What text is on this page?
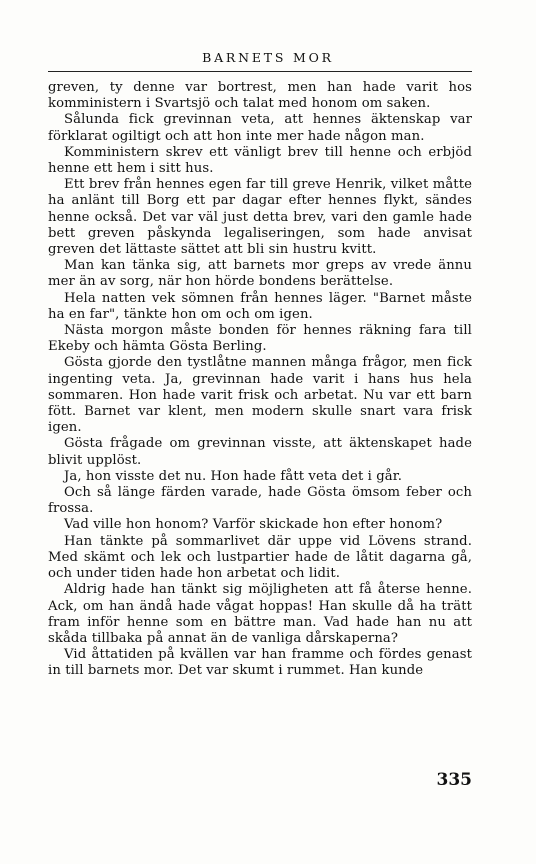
BARNETS MOR

greven, ty denne var bortrest, men han hade varit hos komministern i Svartsjö och talat med honom om saken.

Sålunda fick grevinnan veta, att hennes äktenskap var förklarat ogiltigt och att hon inte mer hade någon man.

Komministern skrev ett vänligt brev till henne och erbjöd henne ett hem i sitt hus.

Ett brev från hennes egen far till greve Henrik, vilket måtte ha anlänt till Borg ett par dagar efter hennes flykt, sändes henne också. Det var väl just detta brev, vari den gamle hade bett greven påskynda legaliseringen, som hade anvisat greven det lättaste sättet att bli sin hustru kvitt.

Man kan tänka sig, att barnets mor greps av vrede ännu mer än av sorg, när hon hörde bondens berättelse.

Hela natten vek sömnen från hennes läger. "Barnet måste ha en far", tänkte hon om och om igen.

Nästa morgon måste bonden för hennes räkning fara till Ekeby och hämta Gösta Berling.

Gösta gjorde den tystlåtne mannen många frågor, men fick ingenting veta. Ja, grevinnan hade varit i hans hus hela sommaren. Hon hade varit frisk och arbetat. Nu var ett barn fött. Barnet var klent, men modern skulle snart vara frisk igen.

Gösta frågade om grevinnan visste, att äktenskapet hade blivit upplöst.

Ja, hon visste det nu. Hon hade fått veta det i går.

Och så länge färden varade, hade Gösta ömsom feber och frossa.

Vad ville hon honom? Varför skickade hon efter honom?

Han tänkte på sommarlivet där uppe vid Lövens strand. Med skämt och lek och lustpartier hade de låtit dagarna gå, och under tiden hade hon arbetat och lidit.

Aldrig hade han tänkt sig möjligheten att få återse henne. Ack, om han ändå hade vågat hoppas! Han skulle då ha trätt fram inför henne som en bättre man. Vad hade han nu att skåda tillbaka på annat än de vanliga dårskaperna?

Vid åttatiden på kvällen var han framme och fördes genast in till barnets mor. Det var skumt i rummet. Han kunde

335
